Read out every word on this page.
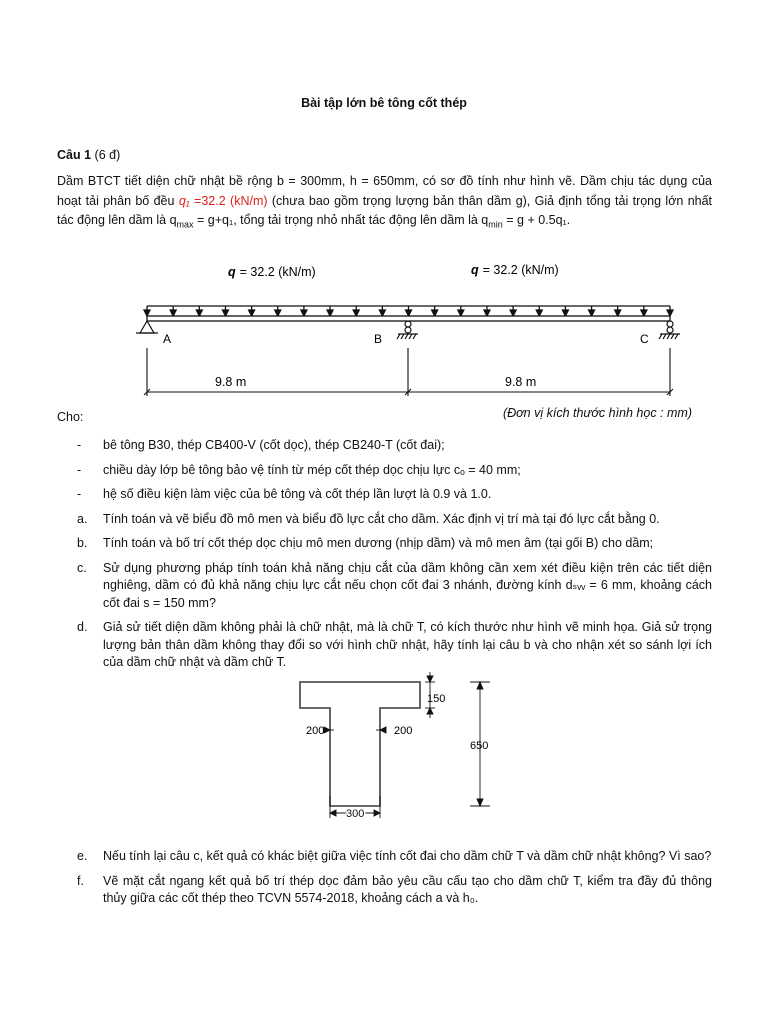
Bài tập lớn bê tông cốt thép
Câu 1 (6 đ)
Dầm BTCT tiết diện chữ nhật bề rộng b = 300mm, h = 650mm, có sơ đồ tính như hình vẽ. Dầm chịu tác dụng của hoạt tải phân bố đều q₁ =32.2 (kN/m) (chưa bao gồm trọng lượng bản thân dầm g), Giả định tổng tải trọng lớn nhất tác động lên dầm là $q_{max} = g+q_1$, tổng tải trọng nhỏ nhất tác động lên dầm là $q_{min} = g + 0.5q_1$.
q = 32.2 (kN/m)	q = 32.2 (kN/m)
A	B	C
9.8 m	9.8 m
Cho:	(Đơn vị kích thước hình học : mm)

- bê tông B30, thép CB400-V (cốt dọc), thép CB240-T (cốt đai);

- chiều dày lớp bê tông bảo vệ tính từ mép cốt thép dọc chịu lực cₒ = 40 mm;

- hệ số điều kiện làm việc của bê tông và cốt thép lần lượt là 0.9 và 1.0.

a. Tính toán và vẽ biểu đồ mô men và biểu đồ lực cắt cho dầm. Xác định vị trí mà tại đó lực cắt bằng 0.

b. Tính toán và bố trí cốt thép dọc chịu mô men dương (nhịp dầm) và mô men âm (tại gối B) cho dầm;

c. Sử dụng phương pháp tính toán khả năng chịu cắt của dầm không cần xem xét điều kiện trên các tiết diện nghiêng, dầm có đủ khả năng chịu lực cắt nếu chọn cốt đai 3 nhánh, đường kính dₛᵥᵥ = 6 mm, khoảng cách cốt đai s = 150 mm?

d. Giả sử tiết diện dầm không phải là chữ nhật, mà là chữ T, có kích thước như hình vẽ minh họa. Giả sử trọng lượng bản thân dầm không thay đổi so với hình chữ nhật, hãy tính lại câu b và cho nhận xét so sánh lợi ích của dầm chữ nhật và dầm chữ T.

150
200	200
650
300

e. Nếu tính lại câu c, kết quả có khác biệt giữa việc tính cốt đai cho dầm chữ T và dầm chữ nhật không? Vì sao?

f. Vẽ mặt cắt ngang kết quả bố trí thép dọc đảm bảo yêu cầu cấu tạo cho dầm chữ T, kiểm tra đầy đủ thông thủy giữa các cốt thép theo TCVN 5574-2018, khoảng cách a và h₀.
